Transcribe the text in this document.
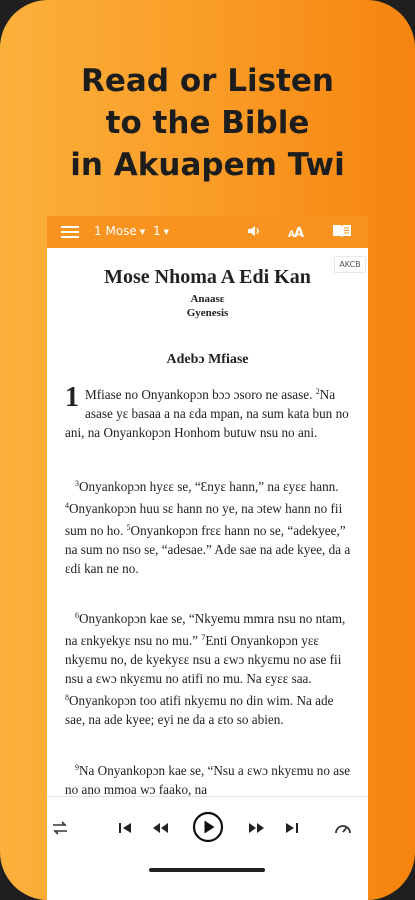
Read or Listen
to the Bible
in Akuapem Twi
1 Mose ▼ 1 ▼	A A
AKCB
Mose Nhoma A Edi Kan
Anaasɛ
Gyenesis
Adebɔ Mfiase
1 Mfiase no Onyankopɔn bɔɔ ɔsoro ne asase. $^2$Na asase yɛ basaa a na ɛda mpan, na sum kata bun no ani, na Onyankopɔn Honhom butuw nsu no ani.
$^3$Onyankopɔn hyɛɛ se, “Ɛnyɛ hann,” na ɛyɛɛ hann. $^4$Onyankopɔn huu sɛ hann no ye, na ɔtew hann no fii sum no ho. $^5$Onyankopɔn frɛɛ hann no se, “adekyee,” na sum no nso se, “adesae.” Ade sae na ade kyee, da a ɛdi kan ne no.
$^6$Onyankopɔn kae se, “Nkyemu mmra nsu no ntam, na ɛnkyekyɛ nsu no mu.” $^7$Enti Onyankopɔn yɛɛ nkyɛmu no, de kyekyɛɛ nsu a ɛwɔ nkyɛmu no ase fii nsu a ɛwɔ nkyɛmu no atifi no mu. Na ɛyɛɛ saa. $^8$Onyankopɔn too atifi nkyɛmu no din wim. Na ade sae, na ade kyee; eyi ne da a ɛto so abien.
$^9$Na Onyankopɔn kae se, “Nsu a ɛwɔ nkyɛmu no ase no ano mmoa wɔ faako, na
